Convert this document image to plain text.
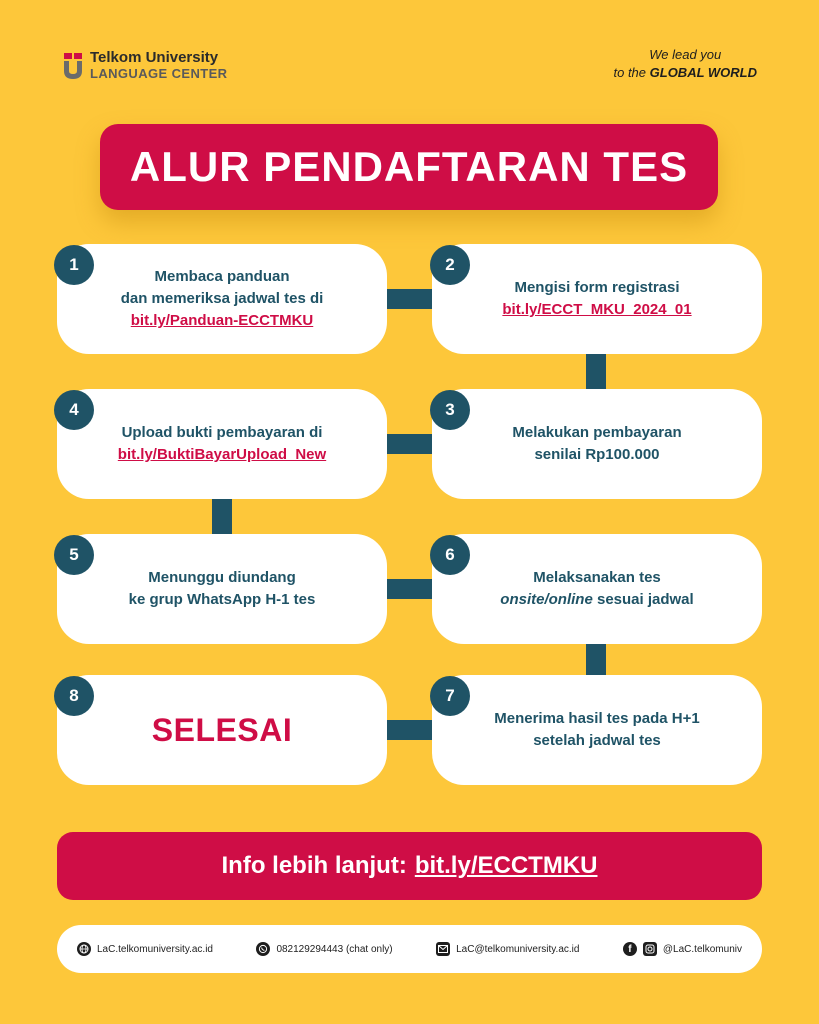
Telkom University
LANGUAGE CENTER
We lead you
to the GLOBAL WORLD
ALUR PENDAFTARAN TES
Membaca panduan
dan memeriksa jadwal tes di
bit.ly/Panduan-ECCTMKU
1
Mengisi form registrasi
bit.ly/ECCT_MKU_2024_01
2
Upload bukti pembayaran di
bit.ly/BuktiBayarUpload_New
4
Melakukan pembayaran
senilai Rp100.000
3
Menunggu diundang
ke grup WhatsApp H-1 tes
5
Melaksanakan tes
onsite/online sesuai jadwal
6
SELESAI
8
Menerima hasil tes pada H+1
setelah jadwal tes
7
Info lebih lanjut: bit.ly/ECCTMKU
LaC.telkomuniversity.ac.id	082129294443 (chat only)	LaC@telkomuniversity.ac.id	f	@LaC.telkomuniv
